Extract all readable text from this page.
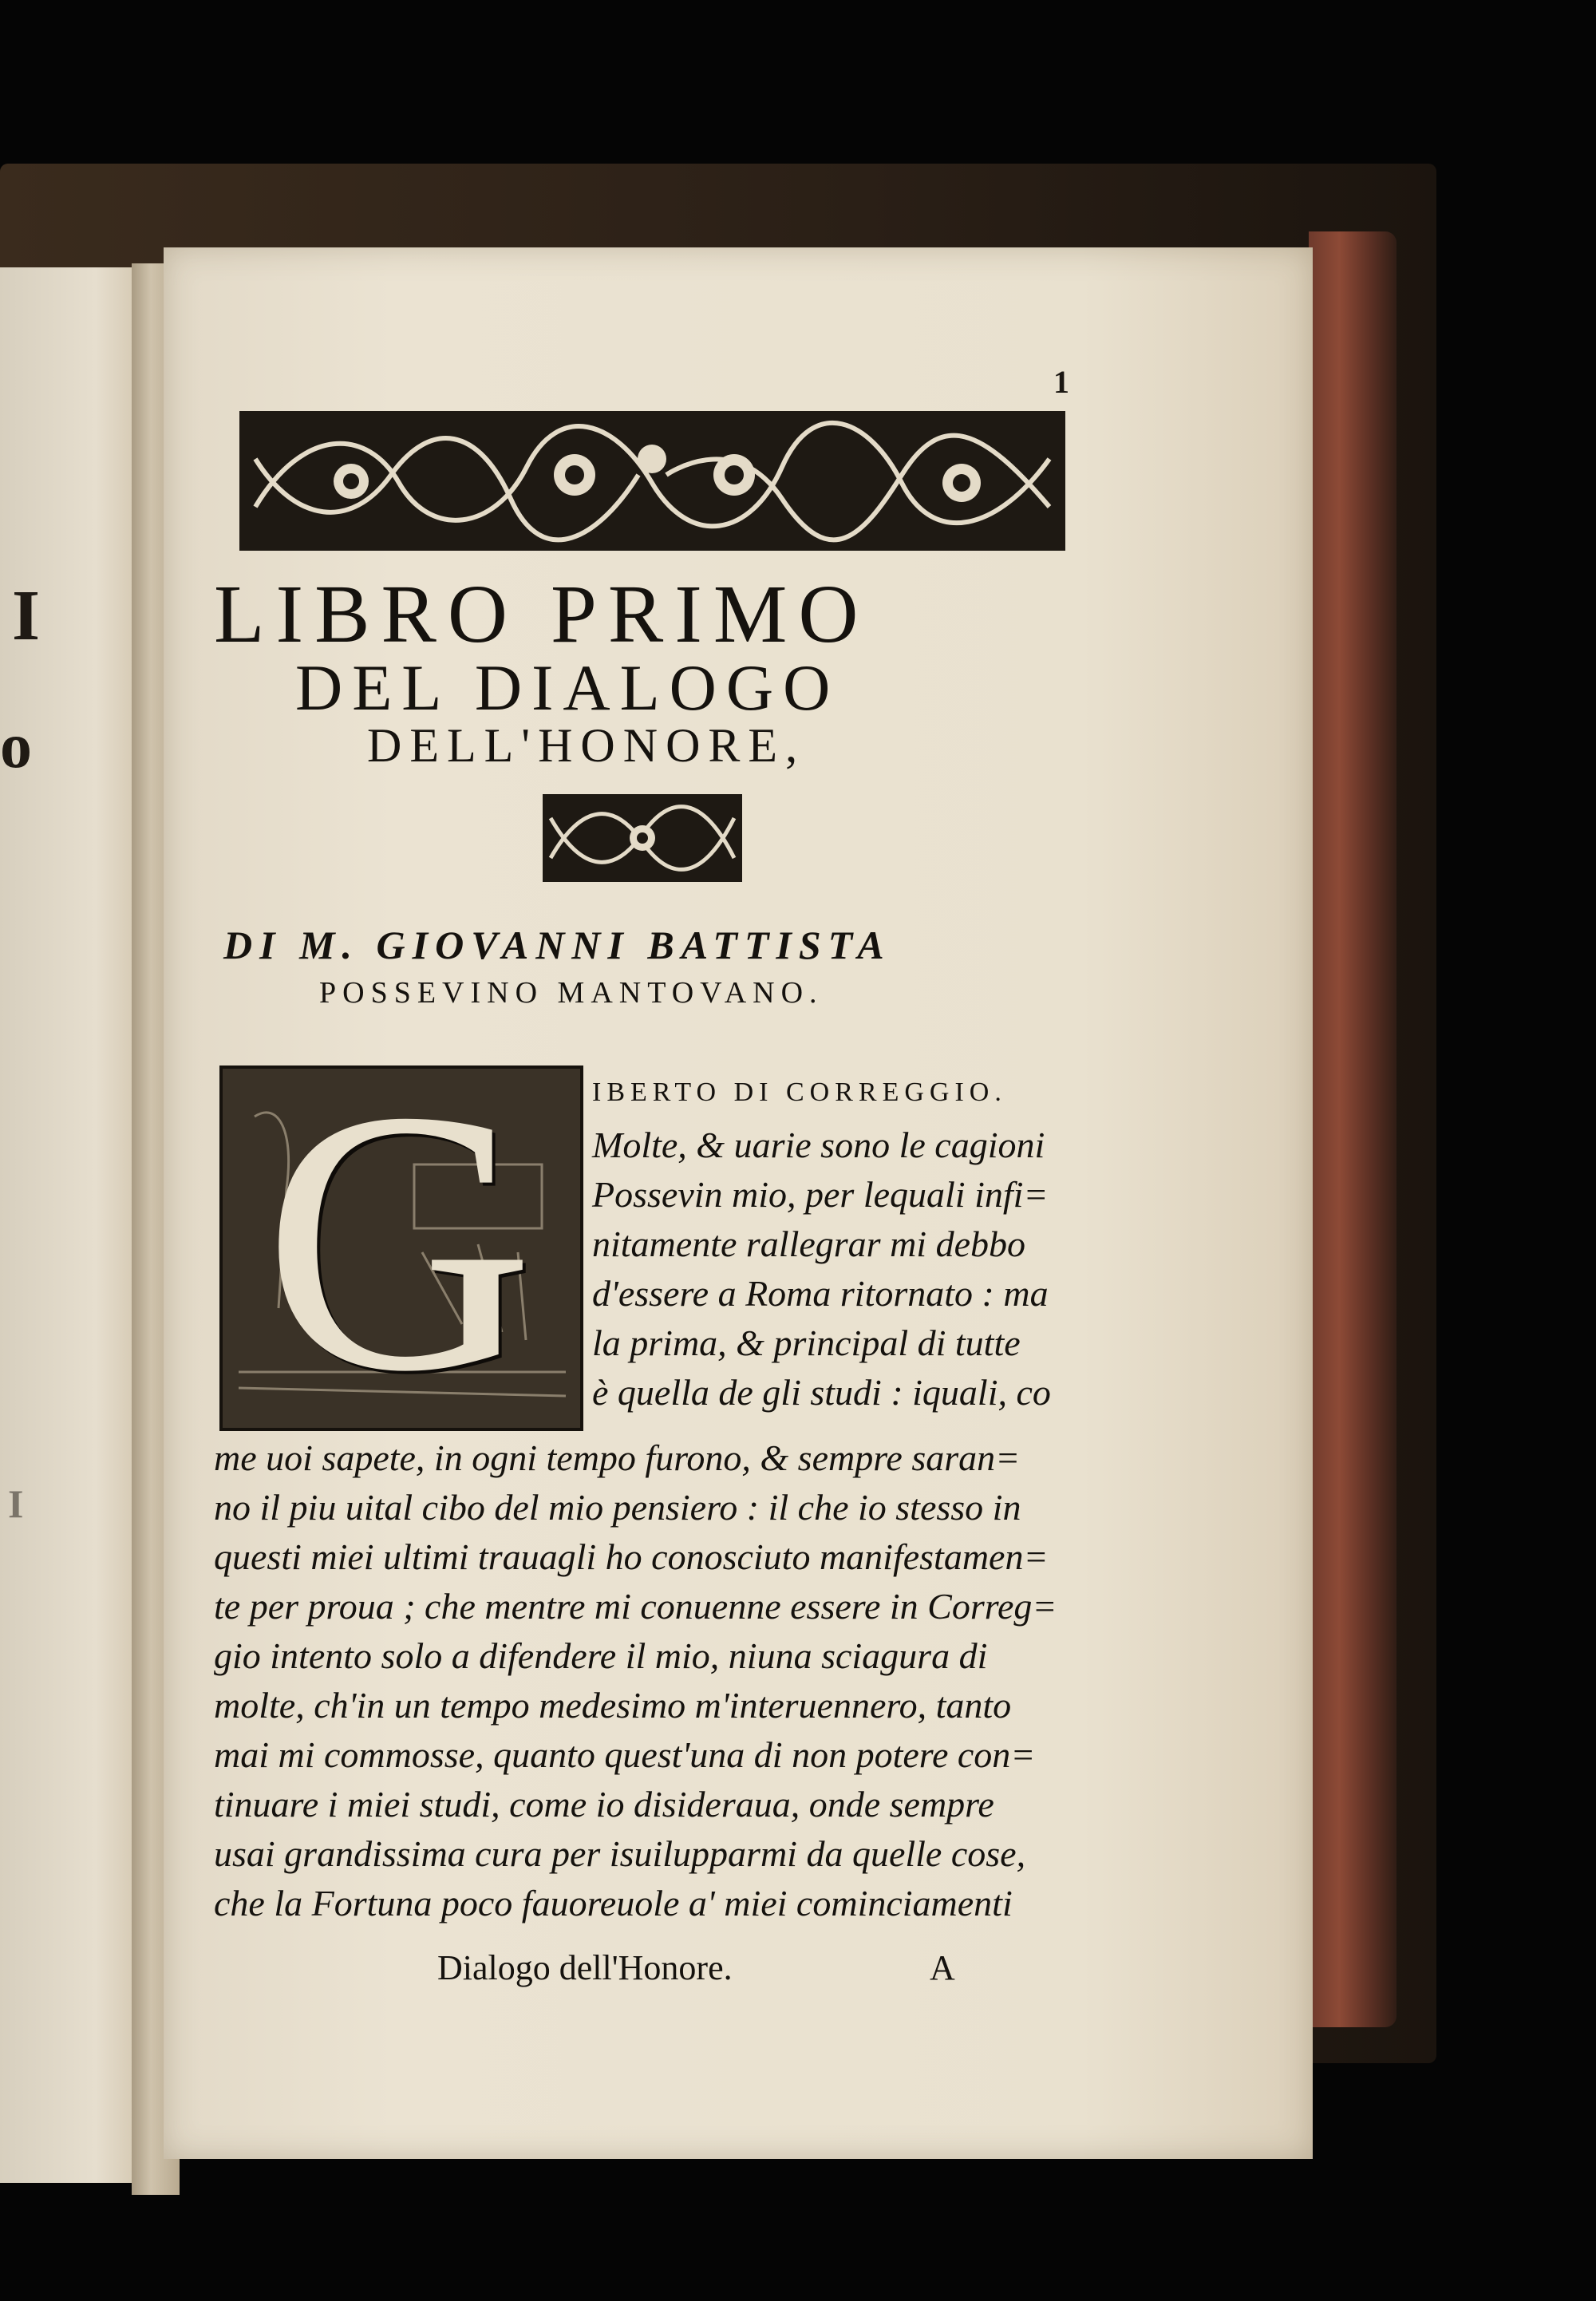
I
o
I
1
LIBRO PRIMO
DEL DIALOGO
DELL'HONORE,
DI M. GIOVANNI BATTISTA
POSSEVINO MANTOVANO.
G IBERTO DI CORREGGIO.
Molte, & uarie sono le cagioni
Possevin mio, per lequali infi=
nitamente rallegrar mi debbo
d'essere a Roma ritornato : ma
la prima, & principal di tutte
è quella de gli studi : iquali, co
me uoi sapete, in ogni tempo furono, & sempre saran=
no il piu uital cibo del mio pensiero : il che io stesso in
questi miei ultimi trauagli ho conosciuto manifestamen=
te per proua ; che mentre mi conuenne essere in Correg=
gio intento solo a difendere il mio, niuna sciagura di
molte, ch'in un tempo medesimo m'interuennero, tanto
mai mi commosse, quanto quest'una di non potere con=
tinuare i miei studi, come io disideraua, onde sempre
usai grandissima cura per isuilupparmi da quelle cose,
che la Fortuna poco fauoreuole a' miei cominciamenti
Dialogo dell'Honore.	A
